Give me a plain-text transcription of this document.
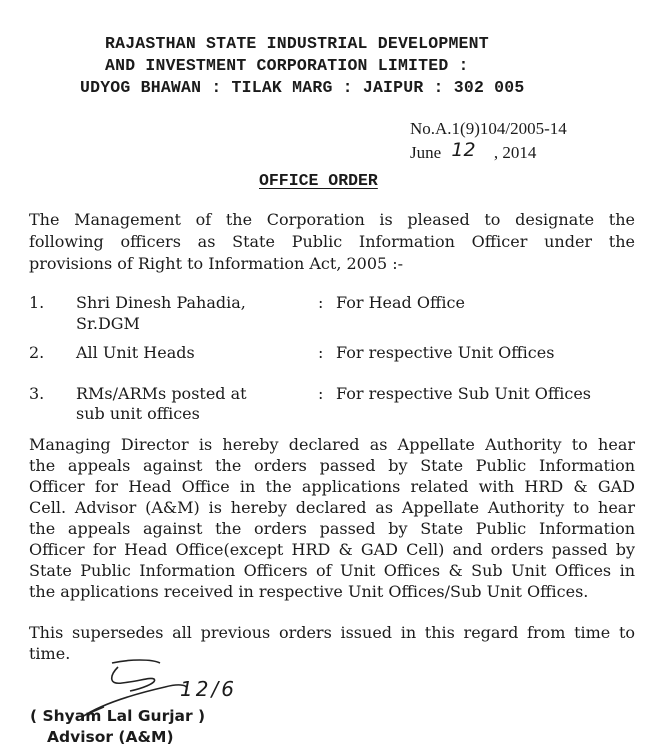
RAJASTHAN STATE INDUSTRIAL DEVELOPMENT
AND INVESTMENT CORPORATION LIMITED :
UDYOG BHAWAN : TILAK MARG : JAIPUR : 302 005
No.A.1(9)104/2005-14
June 12 , 2014
OFFICE ORDER
The Management of the Corporation is pleased to designate the
following officers as State Public Information Officer under the
provisions of Right to Information Act, 2005 :-
1. Shri Dinesh Pahadia,
Sr.DGM
: For Head Office
2. All Unit Heads	: For respective Unit Offices
3. RMs/ARMs posted at
sub unit offices
: For respective Sub Unit Offices
Managing Director is hereby declared as Appellate Authority to hear
the appeals against the orders passed by State Public Information
Officer for Head Office in the applications related with HRD & GAD
Cell. Advisor (A&M) is hereby declared as Appellate Authority to hear
the appeals against the orders passed by State Public Information
Officer for Head Office(except HRD & GAD Cell) and orders passed by
State Public Information Officers of Unit Offices & Sub Unit Offices in
the applications received in respective Unit Offices/Sub Unit Offices.
This supersedes all previous orders issued in this regard from time to
time.
12/6
( Shyam Lal Gurjar )
Advisor (A&M)
